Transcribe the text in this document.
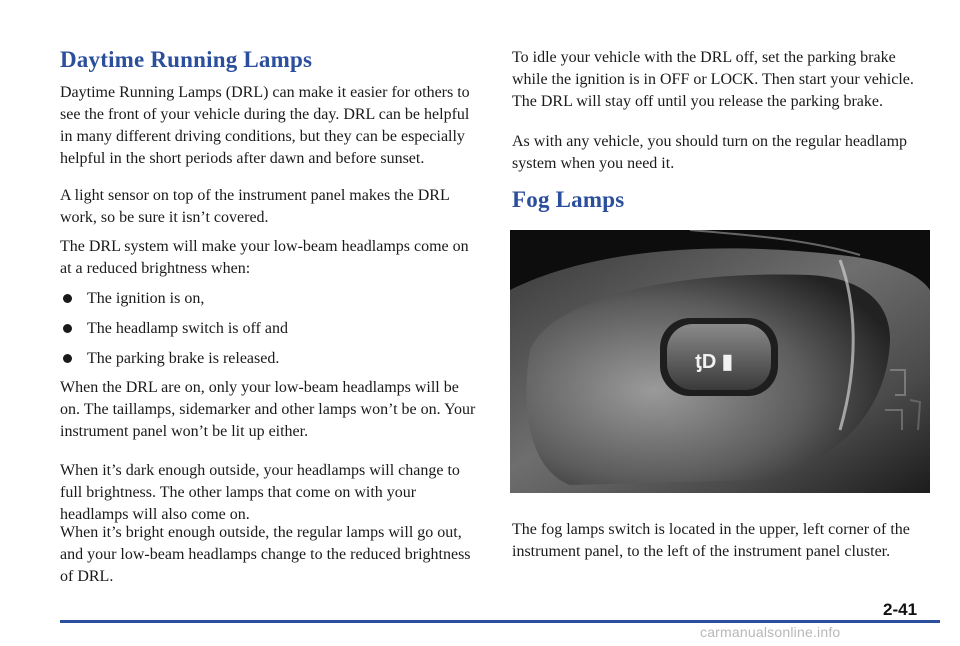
Daytime Running Lamps

Daytime Running Lamps (DRL) can make it easier for others to see the front of your vehicle during the day. DRL can be helpful in many different driving conditions, but they can be especially helpful in the short periods after dawn and before sunset.

A light sensor on top of the instrument panel makes the DRL work, so be sure it isn’t covered.

The DRL system will make your low-beam headlamps come on at a reduced brightness when:

The ignition is on,
The headlamp switch is off and
The parking brake is released.

When the DRL are on, only your low-beam headlamps will be on. The taillamps, sidemarker and other lamps won’t be on. Your instrument panel won’t be lit up either.

When it’s dark enough outside, your headlamps will change to full brightness. The other lamps that come on with your headlamps will also come on.

When it’s bright enough outside, the regular lamps will go out, and your low-beam headlamps change to the reduced brightness of DRL.

To idle your vehicle with the DRL off, set the parking brake while the ignition is in OFF or LOCK. Then start your vehicle. The DRL will stay off until you release the parking brake.

As with any vehicle, you should turn on the regular headlamp system when you need it.

Fog Lamps
ƫD ▮

The fog lamps switch is located in the upper, left corner of the instrument panel, to the left of the instrument panel cluster.

2-41
carmanualsonline.info
